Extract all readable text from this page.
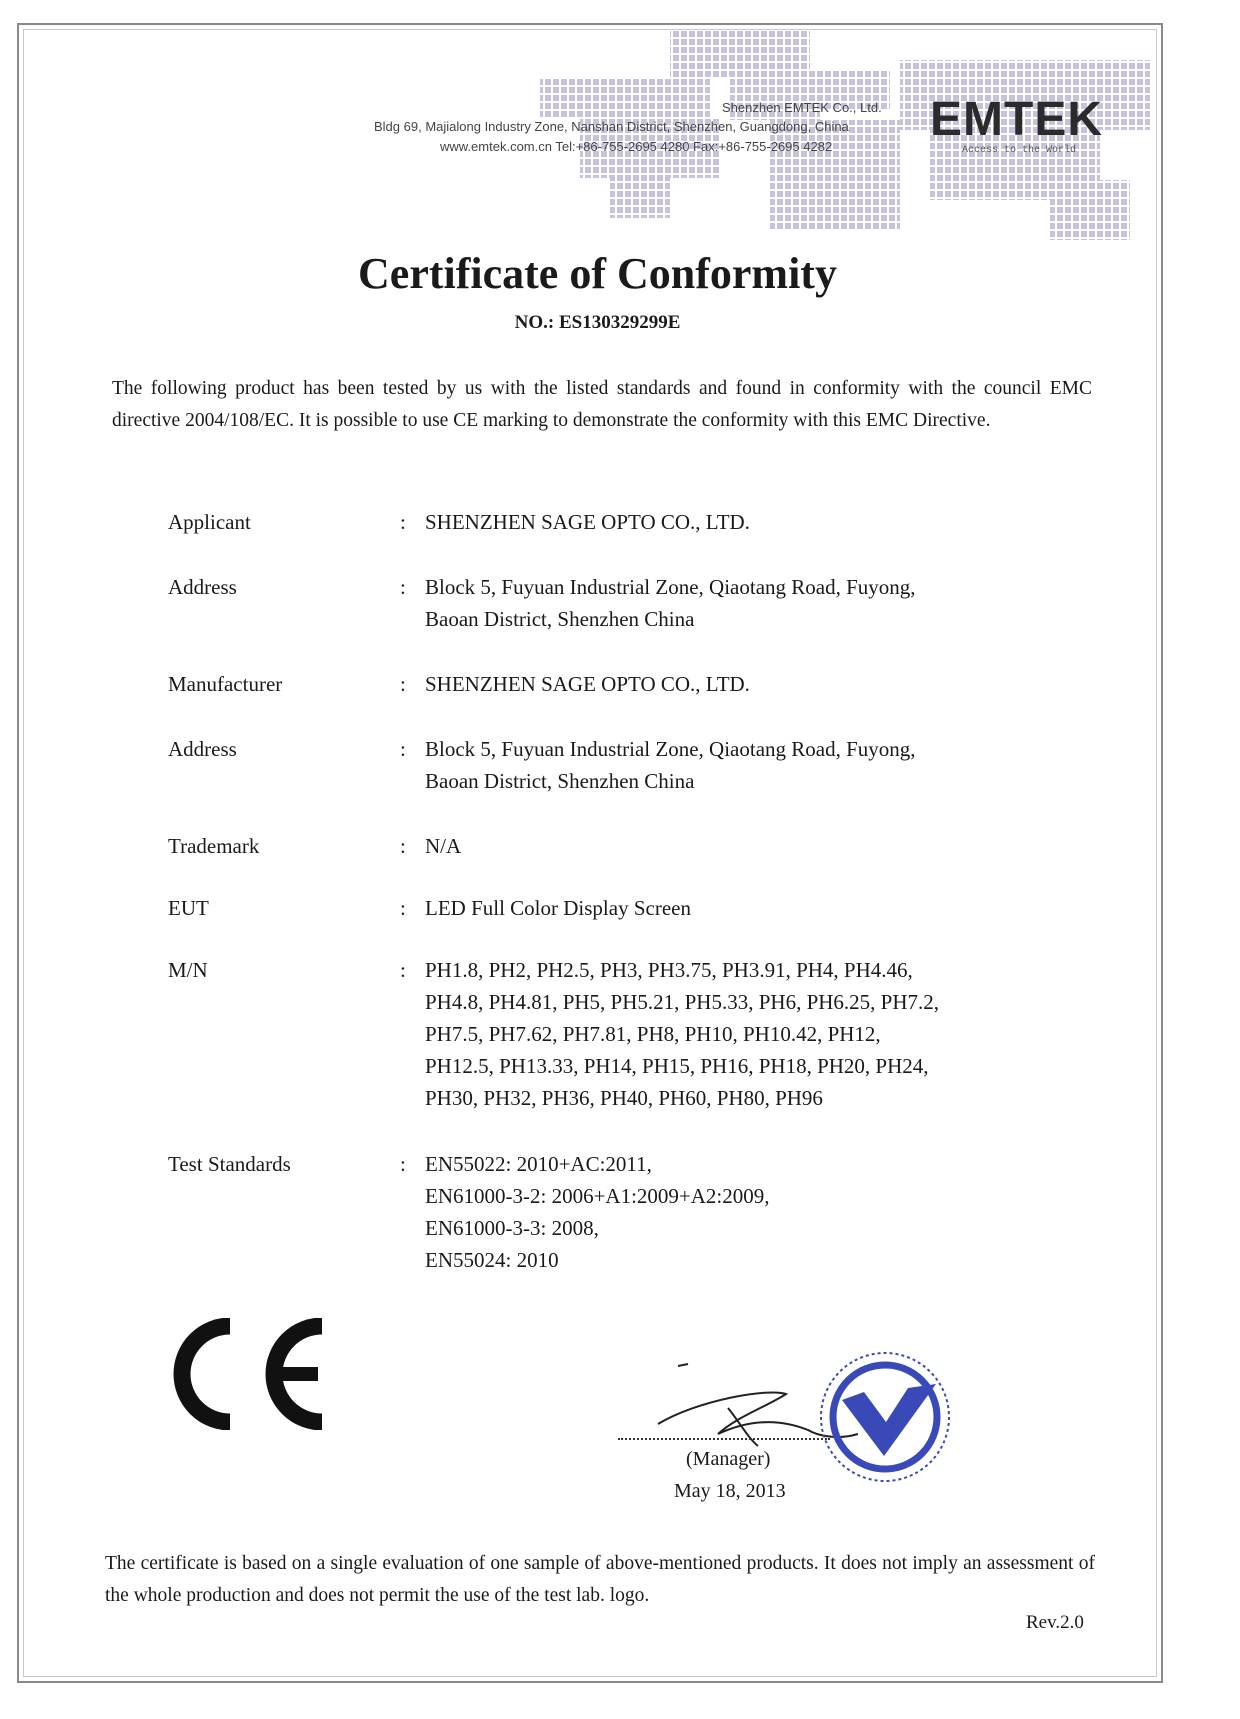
Shenzhen EMTEK Co., Ltd.
Bldg 69, Majialong Industry Zone, Nanshan District, Shenzhen, Guangdong, China
www.emtek.com.cn Tel:+86-755-2695 4280 Fax:+86-755-2695 4282
EMTEK
Access to the World
Certificate of Conformity
NO.: ES130329299E
The following product has been tested by us with the listed standards and found in conformity with the council EMC directive 2004/108/EC. It is possible to use CE marking to demonstrate the conformity with this EMC Directive.
Applicant	: SHENZHEN SAGE OPTO CO., LTD.
Address	: Block 5, Fuyuan Industrial Zone, Qiaotang Road, Fuyong,
Baoan District, Shenzhen China
Manufacturer	: SHENZHEN SAGE OPTO CO., LTD.
Address	: Block 5, Fuyuan Industrial Zone, Qiaotang Road, Fuyong,
Baoan District, Shenzhen China
Trademark	: N/A
EUT	: LED Full Color Display Screen
M/N	: PH1.8, PH2, PH2.5, PH3, PH3.75, PH3.91, PH4, PH4.46,
PH4.8, PH4.81, PH5, PH5.21, PH5.33, PH6, PH6.25, PH7.2,
PH7.5, PH7.62, PH7.81, PH8, PH10, PH10.42, PH12,
PH12.5, PH13.33, PH14, PH15, PH16, PH18, PH20, PH24,
PH30, PH32, PH36, PH40, PH60, PH80, PH96
Test Standards	: EN55022: 2010+AC:2011,
EN61000-3-2: 2006+A1:2009+A2:2009,
EN61000-3-3: 2008,
EN55024: 2010
(Manager)
May 18, 2013
The certificate is based on a single evaluation of one sample of above-mentioned products. It does not imply an assessment of the whole production and does not permit the use of the test lab. logo.
Rev.2.0
